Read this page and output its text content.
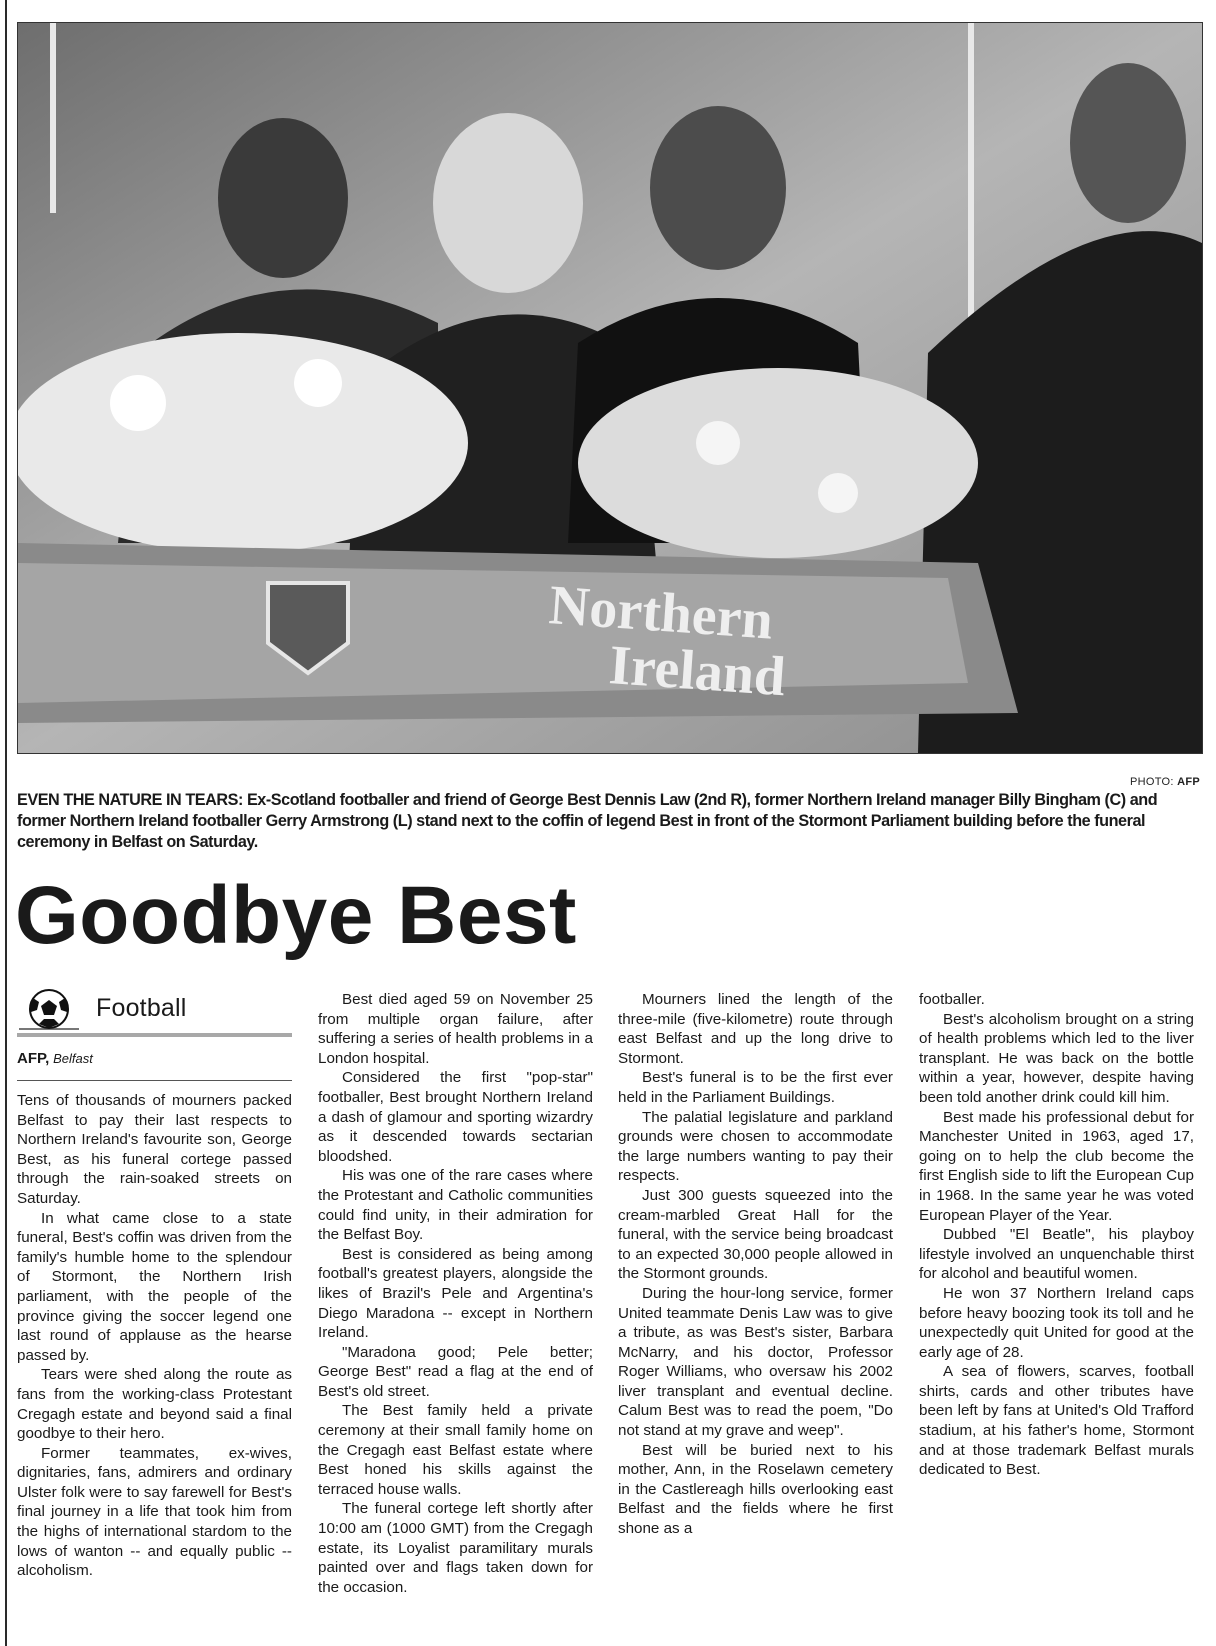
Northern
Ireland
PHOTO: AFP
EVEN THE NATURE IN TEARS: Ex-Scotland footballer and friend of George Best Dennis Law (2nd R), former Northern Ireland manager Billy Bingham (C) and former Northern Ireland footballer Gerry Armstrong (L) stand next to the coffin of legend Best in front of the Stormont Parliament building before the funeral ceremony in Belfast on Saturday.
Goodbye Best
Football
AFP, Belfast

Tens of thousands of mourners packed Belfast to pay their last respects to Northern Ireland's favourite son, George Best, as his funeral cortege passed through the rain-soaked streets on Saturday.

In what came close to a state funeral, Best's coffin was driven from the family's humble home to the splendour of Stormont, the Northern Irish parliament, with the people of the province giving the soccer legend one last round of applause as the hearse passed by.

Tears were shed along the route as fans from the working-class Protestant Cregagh estate and beyond said a final goodbye to their hero.

Former teammates, ex-wives, dignitaries, fans, admirers and ordinary Ulster folk were to say farewell for Best's final journey in a life that took him from the highs of international stardom to the lows of wanton -- and equally public -- alcoholism.

Best died aged 59 on November 25 from multiple organ failure, after suffering a series of health problems in a London hospital.

Considered the first "pop-star" footballer, Best brought Northern Ireland a dash of glamour and sporting wizardry as it descended towards sectarian bloodshed.

His was one of the rare cases where the Protestant and Catholic communities could find unity, in their admiration for the Belfast Boy.

Best is considered as being among football's greatest players, alongside the likes of Brazil's Pele and Argentina's Diego Maradona -- except in Northern Ireland.

"Maradona good; Pele better; George Best" read a flag at the end of Best's old street.

The Best family held a private ceremony at their small family home on the Cregagh east Belfast estate where Best honed his skills against the terraced house walls.

The funeral cortege left shortly after 10:00 am (1000 GMT) from the Cregagh estate, its Loyalist paramilitary murals painted over and flags taken down for the occasion.

Mourners lined the length of the three-mile (five-kilometre) route through east Belfast and up the long drive to Stormont.

Best's funeral is to be the first ever held in the Parliament Buildings.

The palatial legislature and parkland grounds were chosen to accommodate the large numbers wanting to pay their respects.

Just 300 guests squeezed into the cream-marbled Great Hall for the funeral, with the service being broadcast to an expected 30,000 people allowed in the Stormont grounds.

During the hour-long service, former United teammate Denis Law was to give a tribute, as was Best's sister, Barbara McNarry, and his doctor, Professor Roger Williams, who oversaw his 2002 liver transplant and eventual decline. Calum Best was to read the poem, "Do not stand at my grave and weep".

Best will be buried next to his mother, Ann, in the Roselawn cemetery in the Castlereagh hills overlooking east Belfast and the fields where he first shone as a

footballer.

Best's alcoholism brought on a string of health problems which led to the liver transplant. He was back on the bottle within a year, however, despite having been told another drink could kill him.

Best made his professional debut for Manchester United in 1963, aged 17, going on to help the club become the first English side to lift the European Cup in 1968. In the same year he was voted European Player of the Year.

Dubbed "El Beatle", his playboy lifestyle involved an unquenchable thirst for alcohol and beautiful women.

He won 37 Northern Ireland caps before heavy boozing took its toll and he unexpectedly quit United for good at the early age of 28.

A sea of flowers, scarves, football shirts, cards and other tributes have been left by fans at United's Old Trafford stadium, at his father's home, Stormont and at those trademark Belfast murals dedicated to Best.
